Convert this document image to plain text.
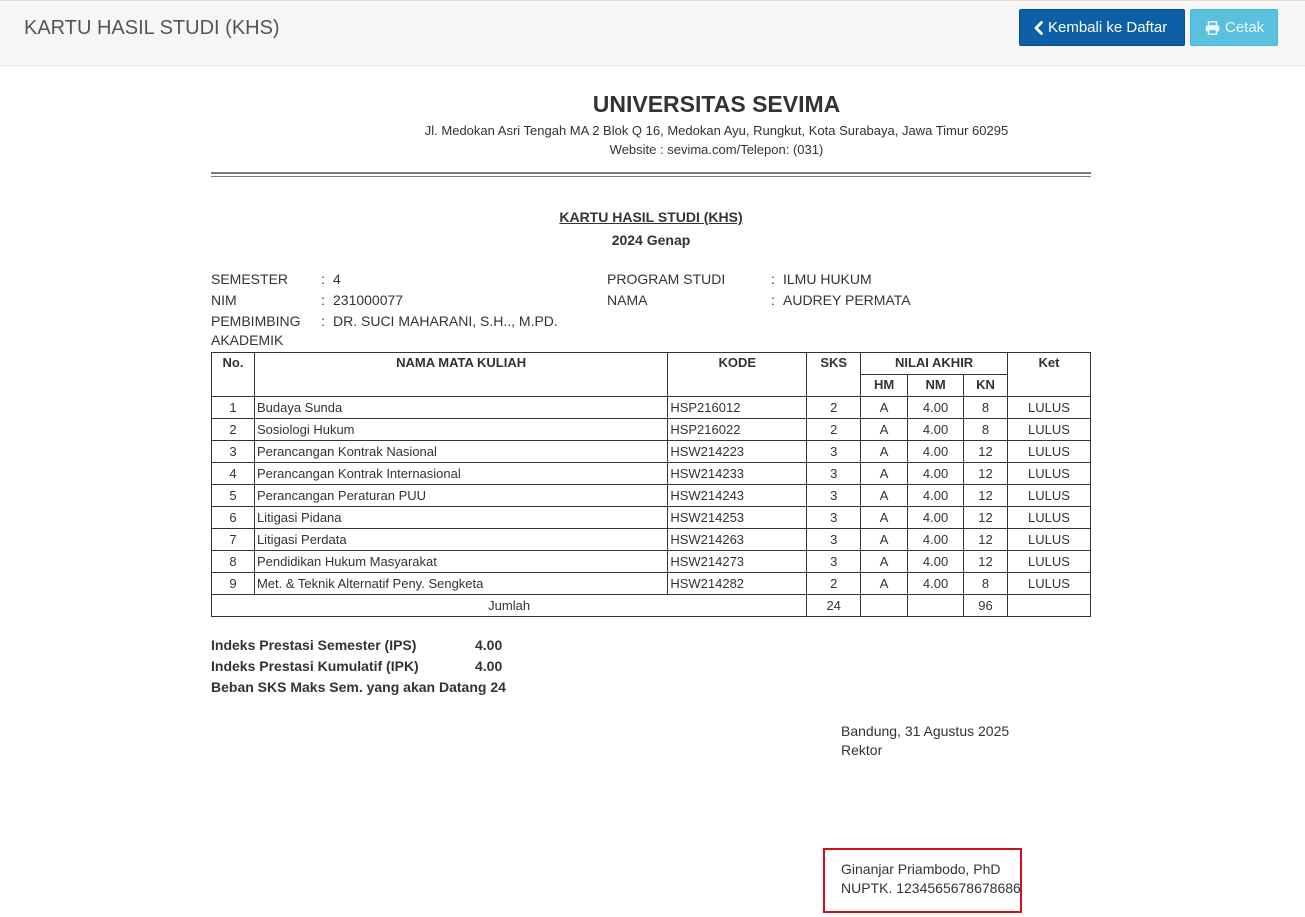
KARTU HASIL STUDI (KHS)	Kembali ke Daftar	Cetak
UNIVERSITAS SEVIMA
Jl. Medokan Asri Tengah MA 2 Blok Q 16, Medokan Ayu, Rungkut, Kota Surabaya, Jawa Timur 60295
Website : sevima.com/Telepon: (031)
KARTU HASIL STUDI (KHS)
2024 Genap
SEMESTER : 4
NIM	: 231000077
PEMBIMBING
AKADEMIK
: DR. SUCI MAHARANI, S.H.., M.PD.
PROGRAM STUDI	: ILMU HUKUM
NAMA	: AUDREY PERMATA
No.	NAMA MATA KULIAH	KODE	SKS	NILAI AKHIR			Ket
				HM	NM	KN	
1	Budaya Sunda	HSP216012	2	A	4.00	8	LULUS
2	Sosiologi Hukum	HSP216022	2	A	4.00	8	LULUS
3	Perancangan Kontrak Nasional	HSW214223	3	A	4.00	12	LULUS
4	Perancangan Kontrak Internasional	HSW214233	3	A	4.00	12	LULUS
5	Perancangan Peraturan PUU	HSW214243	3	A	4.00	12	LULUS
6	Litigasi Pidana	HSW214253	3	A	4.00	12	LULUS
7	Litigasi Perdata	HSW214263	3	A	4.00	12	LULUS
8	Pendidikan Hukum Masyarakat	HSW214273	3	A	4.00	12	LULUS
9	Met. & Teknik Alternatif Peny. Sengketa	HSW214282	2	A	4.00	8	LULUS
Jumlah			24			96	
Indeks Prestasi Semester (IPS)	4.00
Indeks Prestasi Kumulatif (IPK)	4.00
Beban SKS Maks Sem. yang akan Datang 24
Bandung, 31 Agustus 2025
Rektor
Ginanjar Priambodo, PhD
NUPTK. 1234565678678686
